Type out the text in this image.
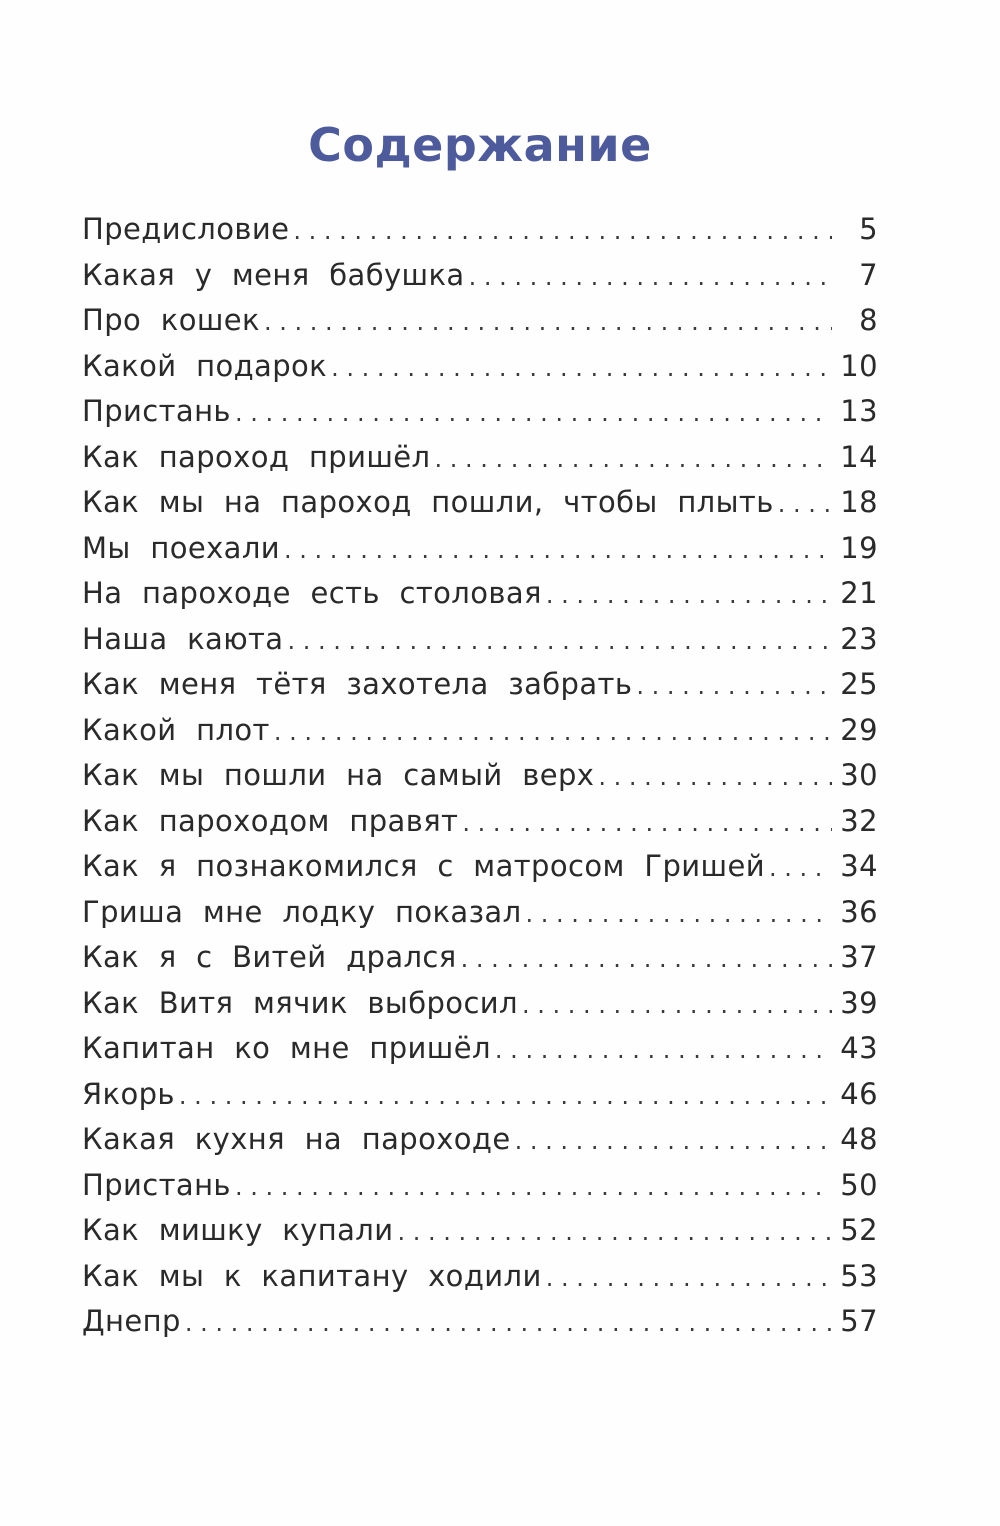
Содержание
Предисловие . . .	5
Какая у меня бабушка . . .	7
Про кошек . . .	8
Какой подарок . . .	10
Пристань . . .	13
Как пароход пришёл . . .	14
Как мы на пароход пошли, чтобы плыть . . . 18
Мы поехали . . .	19
На пароходе есть столовая . . .	21
Наша каюта . . .	23
Как меня тётя захотела забрать . . .	25
Какой плот . . .	29
Как мы пошли на самый верх . . .	30
Как пароходом правят . . .	32
Как я познакомился с матросом Гришей . . .	34
Гриша мне лодку показал . . .	36
Как я с Витей дрался . . .	37
Как Витя мячик выбросил . . .	39
Капитан ко мне пришёл . . .	43
Якорь . . .	46
Какая кухня на пароходе . . .	48
Пристань . . .	50
Как мишку купали . . .	52
Как мы к капитану ходили . . .	53
Днепр . . .	57
